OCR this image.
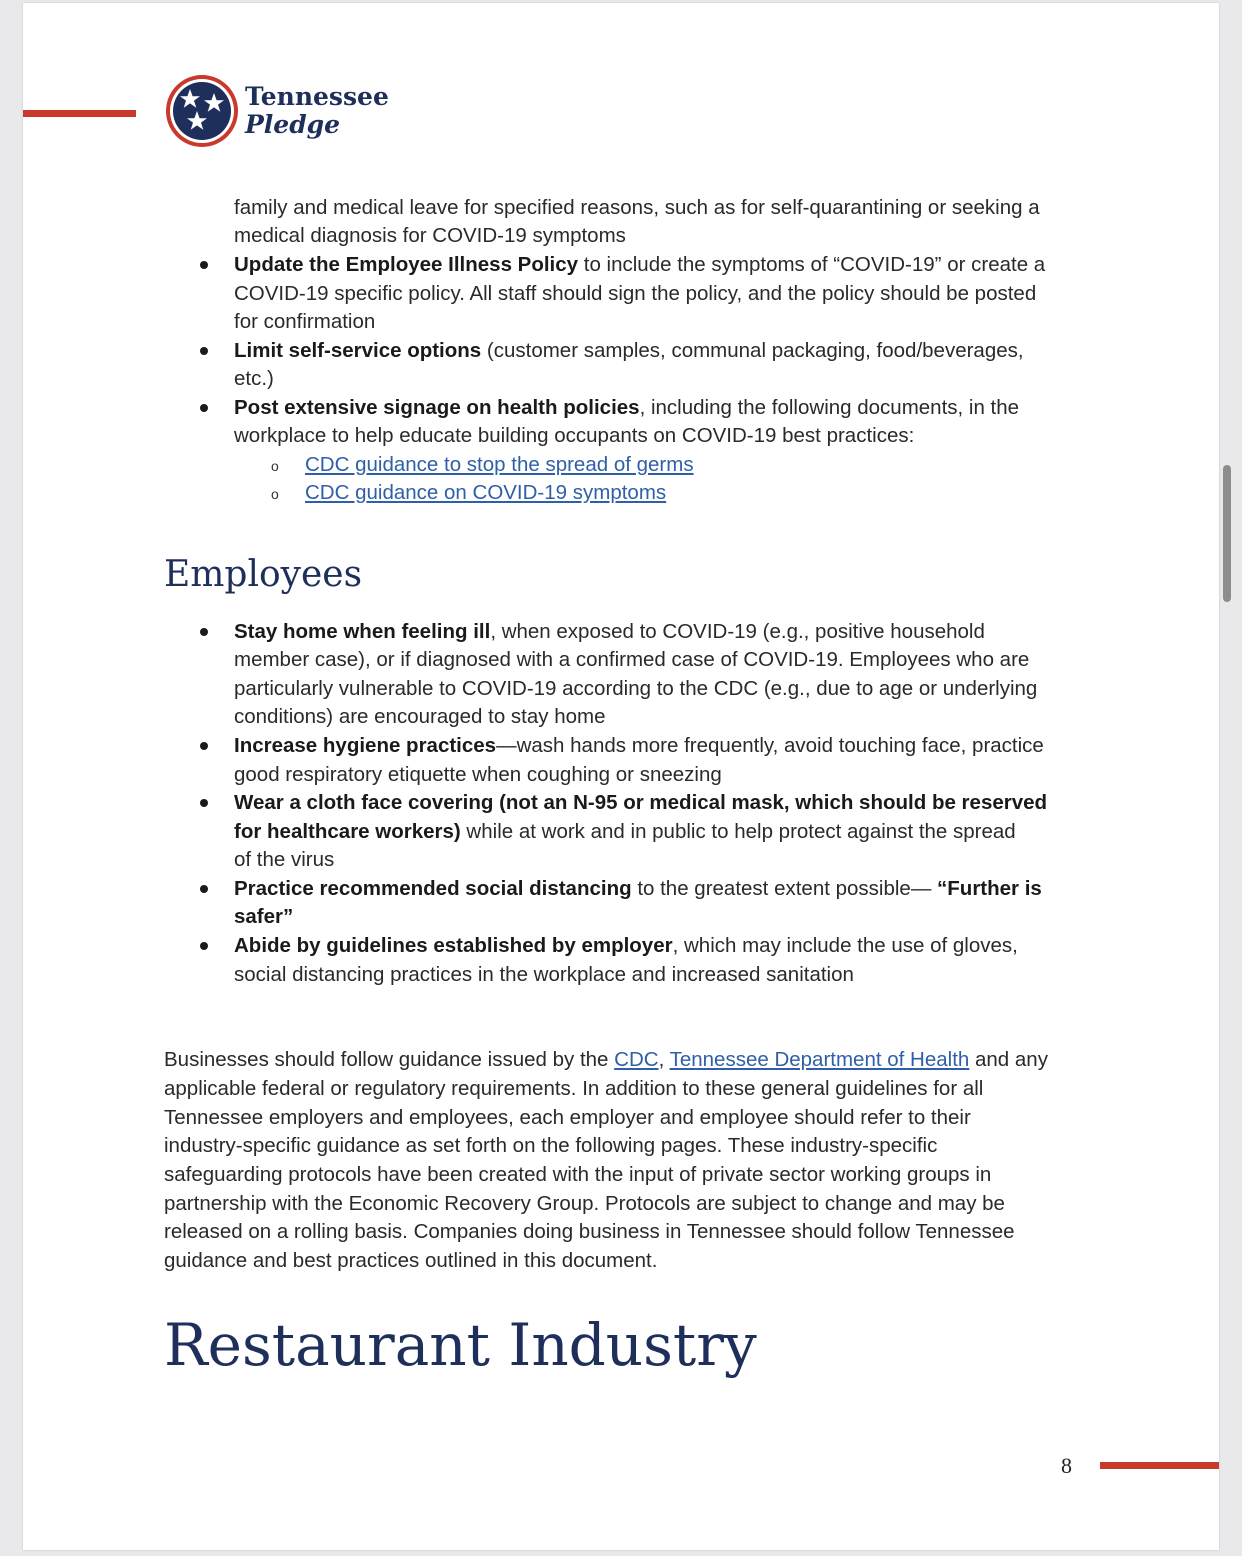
Tennessee
Pledge
family and medical leave for specified reasons, such as for self-quarantining or seeking a
medical diagnosis for COVID-19 symptoms
Update the Employee Illness Policy to include the symptoms of “COVID-19” or create a
COVID-19 specific policy. All staff should sign the policy, and the policy should be posted
for confirmation
Limit self-service options (customer samples, communal packaging, food/beverages,
etc.)
Post extensive signage on health policies, including the following documents, in the
workplace to help educate building occupants on COVID-19 best practices:
o CDC guidance to stop the spread of germs
o CDC guidance on COVID-19 symptoms
Employees
Stay home when feeling ill, when exposed to COVID-19 (e.g., positive household
member case), or if diagnosed with a confirmed case of COVID-19. Employees who are
particularly vulnerable to COVID-19 according to the CDC (e.g., due to age or underlying
conditions) are encouraged to stay home
Increase hygiene practices—wash hands more frequently, avoid touching face, practice
good respiratory etiquette when coughing or sneezing
Wear a cloth face covering (not an N-95 or medical mask, which should be reserved
for healthcare workers) while at work and in public to help protect against the spread
of the virus
Practice recommended social distancing to the greatest extent possible— “Further is
safer”
Abide by guidelines established by employer, which may include the use of gloves,
social distancing practices in the workplace and increased sanitation
Businesses should follow guidance issued by the CDC, Tennessee Department of Health and any
applicable federal or regulatory requirements. In addition to these general guidelines for all
Tennessee employers and employees, each employer and employee should refer to their
industry-specific guidance as set forth on the following pages. These industry-specific
safeguarding protocols have been created with the input of private sector working groups in
partnership with the Economic Recovery Group. Protocols are subject to change and may be
released on a rolling basis. Companies doing business in Tennessee should follow Tennessee
guidance and best practices outlined in this document.
Restaurant Industry
8
